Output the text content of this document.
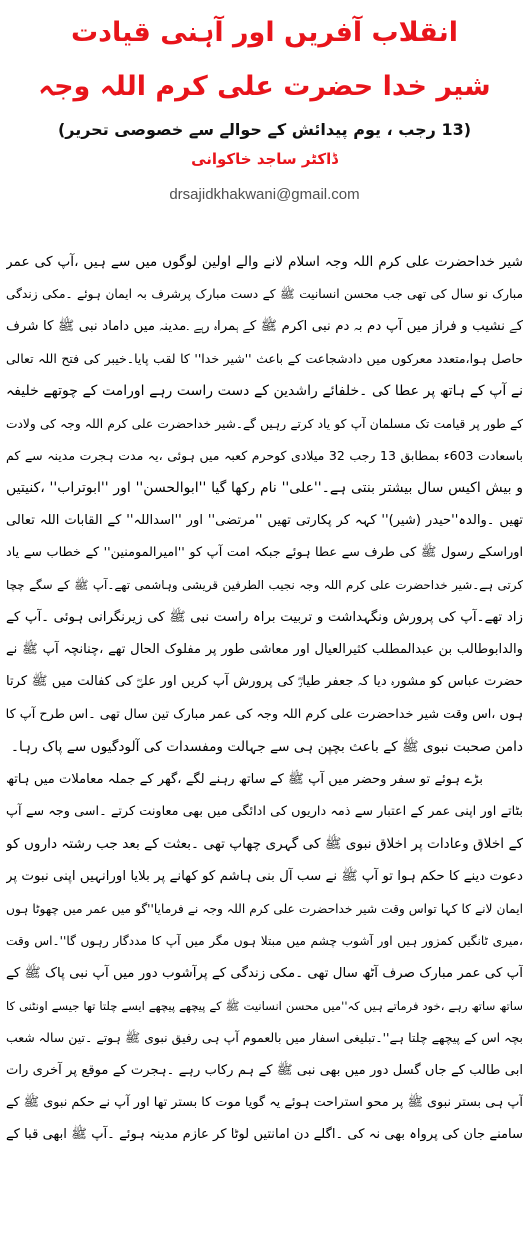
انقلاب آفریں اور آہنی قیادت
شیر خدا حضرت علی کرم اللہ وجہ
(13 رجب ، یوم پیدائش کے حوالے سے خصوصی تحریر)
ڈاکٹر ساجد خاکوانی
drsajidkhakwani@gmail.com
شیر خداحضرت علی کرم اللہ وجہ اسلام لانے والے اولین لوگوں میں سے ہیں ،آپ کی عمر
مبارک نو سال کی تھی جب محسن انسانیت ﷺ کے دست مبارک پرشرف بہ ایمان ہوئے ۔مکی زندگی
کے نشیب و فراز میں آپ دم بہ دم نبی اکرم ﷺ کے ہمراہ رہے ۔مدینہ میں داماد نبی ﷺ کا شرف
حاصل ہوا،متعدد معرکوں میں دادشجاعت کے باعث ''شیر خدا'' کا لقب پایا۔خیبر کی فتح اللہ تعالی
نے آپ کے ہاتھ پر عطا کی ۔خلفائے راشدین کے دست راست رہے اورامت کے چوتھے خلیفہ
کے طور پر قیامت تک مسلمان آپ کو یاد کرتے رہیں گے۔شیر خداحضرت علی کرم اللہ وجہ کی ولادت
باسعادت 603ء بمطابق 13 رجب 32 میلادی کوحرم کعبہ میں ہوئی ،یہ مدت ہجرت مدینہ سے کم
و بیش اکیس سال بیشتر بنتی ہے۔''علی'' نام رکھا گیا ''ابوالحسن'' اور ''ابوتراب'' ،کنیتیں
تھیں ۔والدہ''حیدر (شیر)'' کہہ کر پکارتی تھیں ''مرتضی'' اور ''اسداللہ'' کے القابات اللہ تعالی
اوراسکے رسول ﷺ کی طرف سے عطا ہوئے جبکہ امت آپ کو ''امیرالمومنین'' کے خطاب سے یاد
کرتی ہے۔شیر خداحضرت علی کرم اللہ وجہ نجیب الطرفین قریشی وہاشمی تھے۔آپ ﷺ کے سگے چچا
زاد تھے۔آپ کی پرورش ونگہداشت و تربیت براہ راست نبی ﷺ کی زیرنگرانی ہوئی ۔آپ کے
والدابوطالب بن عبدالمطلب کثیرالعیال اور معاشی طور پر مفلوک الحال تھے ،چنانچہ آپ ﷺ نے
حضرت عباس کو مشورہ دیا کہ جعفر طیارؓ کی پرورش آپ کریں اور علیؓ کی کفالت میں ﷺ کرتا
ہوں ،اس وقت شیر خداحضرت علی کرم اللہ وجہ کی عمر مبارک تین سال تھی ۔اس طرح آپ کا
دامن صحبت نبوی ﷺ کے باعث بچپن ہی سے جہالت ومفسدات کی آلودگیوں سے پاک رہا۔
بڑے ہوئے تو سفر وحضر میں آپ ﷺ کے ساتھ رہنے لگے ،گھر کے جملہ معاملات میں ہاتھ
بٹاتے اور اپنی عمر کے اعتبار سے ذمہ داریوں کی ادائگی میں بھی معاونت کرتے ۔اسی وجہ سے آپ
کے اخلاق وعادات پر اخلاق نبوی ﷺ کی گہری چھاپ تھی ۔بعثت کے بعد جب رشتہ داروں کو
دعوت دینے کا حکم ہوا تو آپ ﷺ نے سب آل بنی ہاشم کو کھانے پر بلایا اورانہیں اپنی نبوت پر
ایمان لانے کا کہا تواس وقت شیر خداحضرت علی کرم اللہ وجہ نے فرمایا''گو میں عمر میں چھوٹا ہوں
،میری ٹانگیں کمزور ہیں اور آشوب چشم میں مبتلا ہوں مگر میں آپ کا مددگار رہوں گا''۔اس وقت
آپ کی عمر مبارک صرف آٹھ سال تھی ۔مکی زندگی کے پرآشوب دور میں آپ نبی پاک ﷺ کے
ساتھ ساتھ رہے ،خود فرماتے ہیں کہ''میں محسن انسانیت ﷺ کے پیچھے پیچھے ایسے چلتا تھا جیسے اونٹنی کا
بچہ اس کے پیچھے چلتا ہے''۔تبلیغی اسفار میں بالعموم آپ ہی رفیق نبوی ﷺ ہوتے ۔تین سالہ شعب
ابی طالب کے جاں گسل دور میں بھی نبی ﷺ کے ہم رکاب رہے ۔ہجرت کے موقع پر آخری رات
آپ ہی بستر نبوی ﷺ پر محو استراحت ہوئے یہ گویا موت کا بستر تھا اور آپ نے حکم نبوی ﷺ کے
سامنے جان کی پرواہ بھی نہ کی ۔اگلے دن امانتیں لوٹا کر عازم مدینہ ہوئے ۔آپ ﷺ ابھی قبا کے
